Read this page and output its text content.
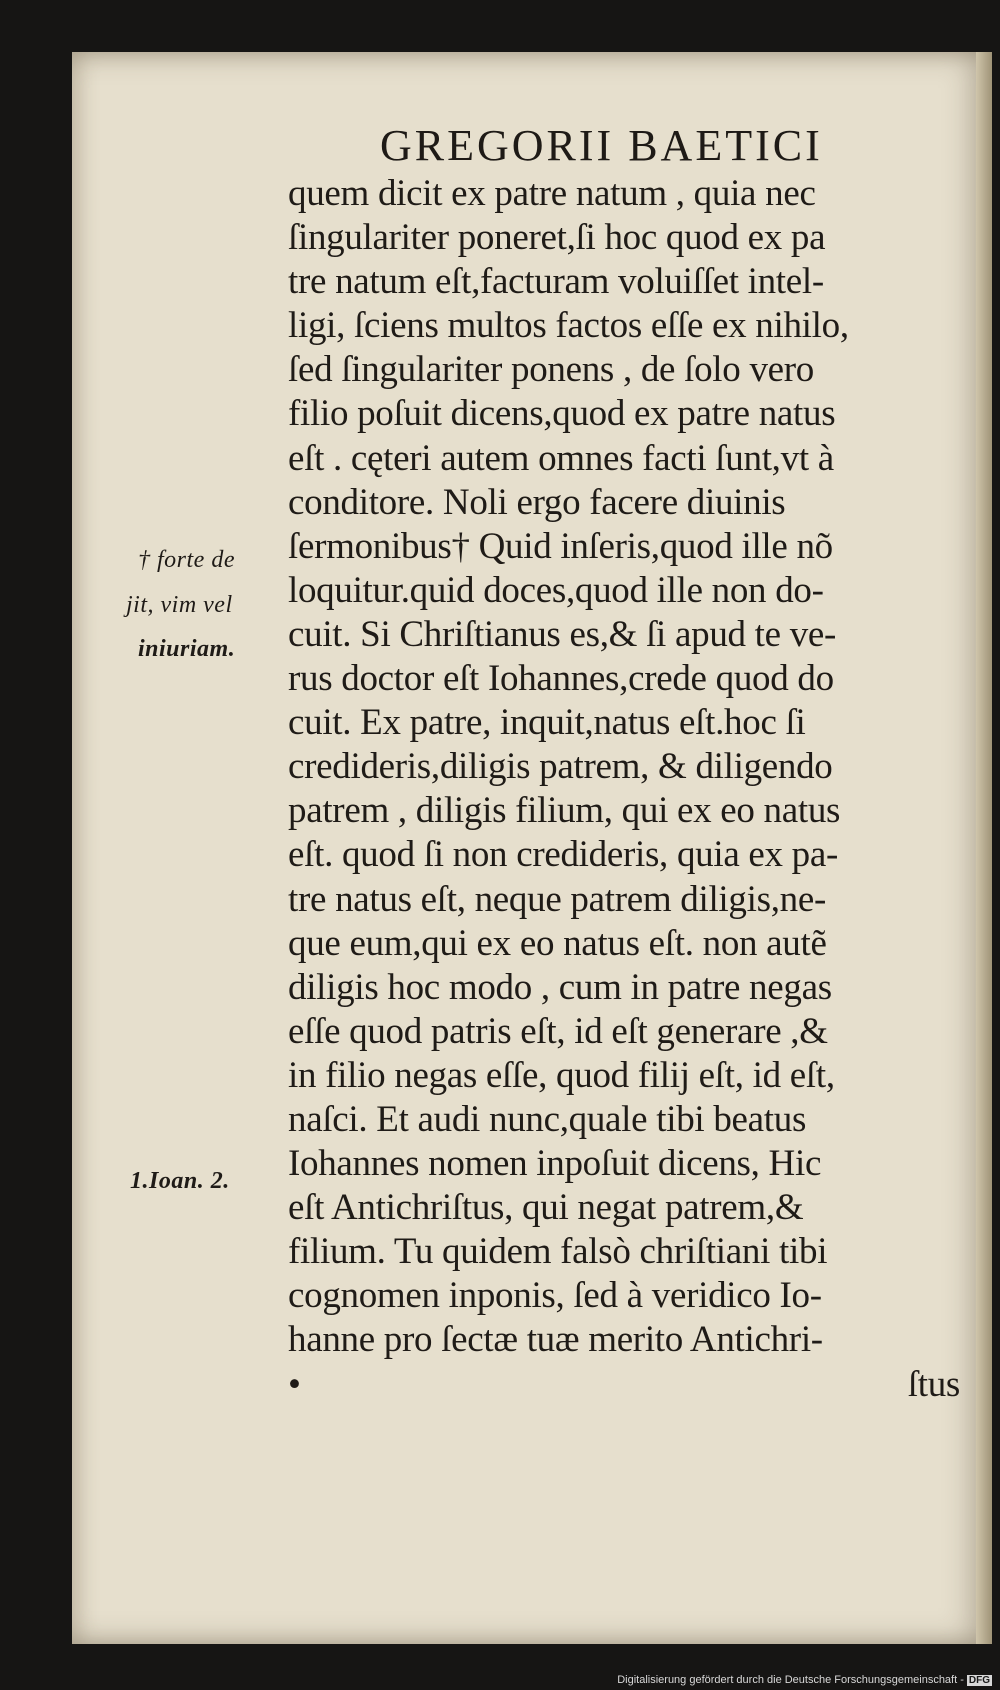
GREGORII BAETICI
quem dicit ex patre natum , quia nec
ſingulariter poneret,ſi hoc quod ex pa
tre natum eſt,facturam voluiſſet intel-
ligi, ſciens multos factos eſſe ex nihilo,
ſed ſingulariter ponens , de ſolo vero
filio poſuit dicens,quod ex patre natus
eſt . cęteri autem omnes facti ſunt,vt à
conditore. Noli ergo facere diuinis
ſermonibus† Quid inſeris,quod ille nõ
loquitur.quid doces,quod ille non do-
cuit. Si Chriſtianus es,& ſi apud te ve-
rus doctor eſt Iohannes,crede quod do
cuit. Ex patre, inquit,natus eſt.hoc ſi
credideris,diligis patrem, & diligendo
patrem , diligis filium, qui ex eo natus
eſt. quod ſi non credideris, quia ex pa-
tre natus eſt, neque patrem diligis,ne-
que eum,qui ex eo natus eſt. non autẽ
diligis hoc modo , cum in patre negas
eſſe quod patris eſt, id eſt generare ,&
in filio negas eſſe, quod filij eſt, id eſt,
naſci. Et audi nunc,quale tibi beatus
Iohannes nomen inpoſuit dicens, Hic
eſt Antichriſtus, qui negat patrem,&
filium. Tu quidem falsò chriſtiani tibi
cognomen inponis, ſed à veridico Io-
hanne pro ſectæ tuæ merito Antichri-
•	ſtus
† forte de
jit, vim vel
iniuriam.
1.Ioan. 2.
Digitalisierung gefördert durch die Deutsche Forschungsgemeinschaft - DFG
